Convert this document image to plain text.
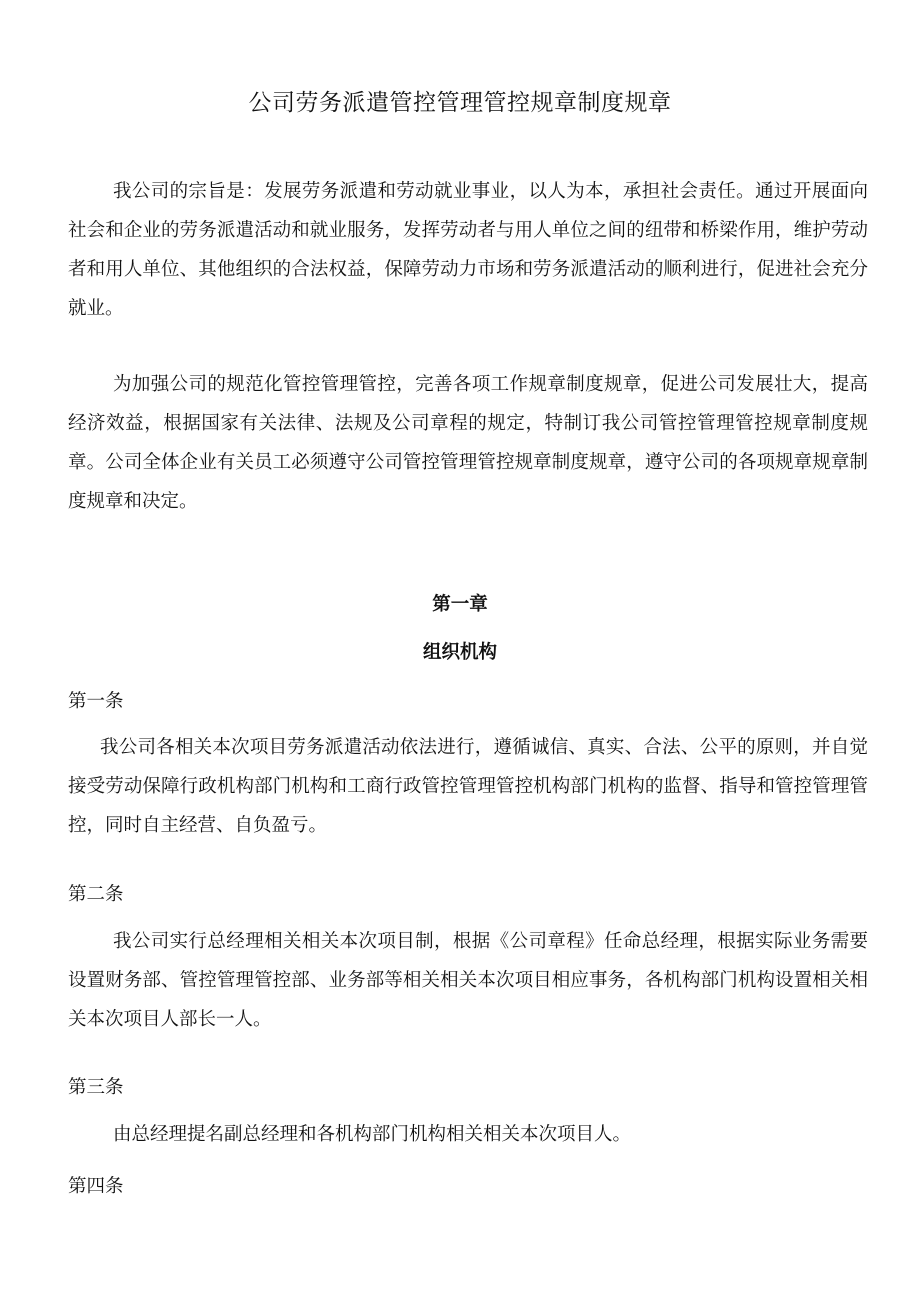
公司劳务派遣管控管理管控规章制度规章
我公司的宗旨是：发展劳务派遣和劳动就业事业，以人为本，承担社会责任。通过开展面向社会和企业的劳务派遣活动和就业服务，发挥劳动者与用人单位之间的纽带和桥梁作用，维护劳动者和用人单位、其他组织的合法权益，保障劳动力市场和劳务派遣活动的顺利进行，促进社会充分就业。
为加强公司的规范化管控管理管控，完善各项工作规章制度规章，促进公司发展壮大，提高经济效益，根据国家有关法律、法规及公司章程的规定，特制订我公司管控管理管控规章制度规章。公司全体企业有关员工必须遵守公司管控管理管控规章制度规章，遵守公司的各项规章规章制度规章和决定。
第一章
组织机构
第一条
我公司各相关本次项目劳务派遣活动依法进行，遵循诚信、真实、合法、公平的原则，并自觉接受劳动保障行政机构部门机构和工商行政管控管理管控机构部门机构的监督、指导和管控管理管控，同时自主经营、自负盈亏。
第二条
我公司实行总经理相关相关本次项目制，根据《公司章程》任命总经理，根据实际业务需要设置财务部、管控管理管控部、业务部等相关相关本次项目相应事务，各机构部门机构设置相关相关本次项目人部长一人。
第三条
由总经理提名副总经理和各机构部门机构相关相关本次项目人。
第四条
